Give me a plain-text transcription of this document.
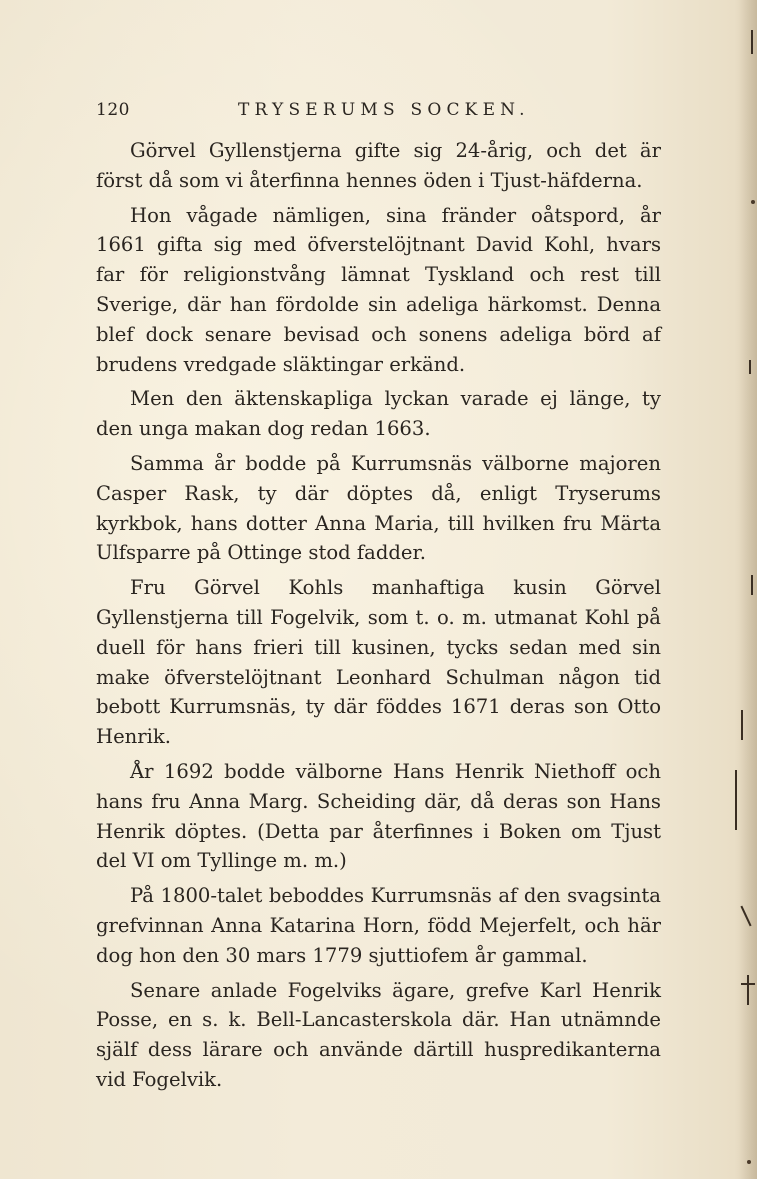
120	TRYSERUMS SOCKEN.

Görvel Gyllenstjerna gifte sig 24-årig, och det är först då som vi återfinna hennes öden i Tjust-häfderna.

Hon vågade nämligen, sina fränder oåtspord, år 1661 gifta sig med öfverstelöjtnant David Kohl, hvars far för religionstvång lämnat Tyskland och rest till Sverige, där han fördolde sin adeliga härkomst. Denna blef dock senare bevisad och sonens adeliga börd af brudens vredgade släktingar erkänd.

Men den äktenskapliga lyckan varade ej länge, ty den unga makan dog redan 1663.

Samma år bodde på Kurrumsnäs välborne majoren Casper Rask, ty där döptes då, enligt Tryserums kyrkbok, hans dotter Anna Maria, till hvilken fru Märta Ulfsparre på Ottinge stod fadder.

Fru Görvel Kohls manhaftiga kusin Görvel Gyllenstjerna till Fogelvik, som t. o. m. utmanat Kohl på duell för hans frieri till kusinen, tycks sedan med sin make öfverstelöjtnant Leonhard Schulman någon tid bebott Kurrumsnäs, ty där föddes 1671 deras son Otto Henrik.

År 1692 bodde välborne Hans Henrik Niethoff och hans fru Anna Marg. Scheiding där, då deras son Hans Henrik döptes. (Detta par återfinnes i Boken om Tjust del VI om Tyllinge m. m.)

På 1800-talet beboddes Kurrumsnäs af den svagsinta grefvinnan Anna Katarina Horn, född Mejerfelt, och här dog hon den 30 mars 1779 sjuttiofem år gammal.

Senare anlade Fogelviks ägare, grefve Karl Henrik Posse, en s. k. Bell-Lancasterskola där. Han utnämnde själf dess lärare och använde därtill huspredikanterna vid Fogelvik.
